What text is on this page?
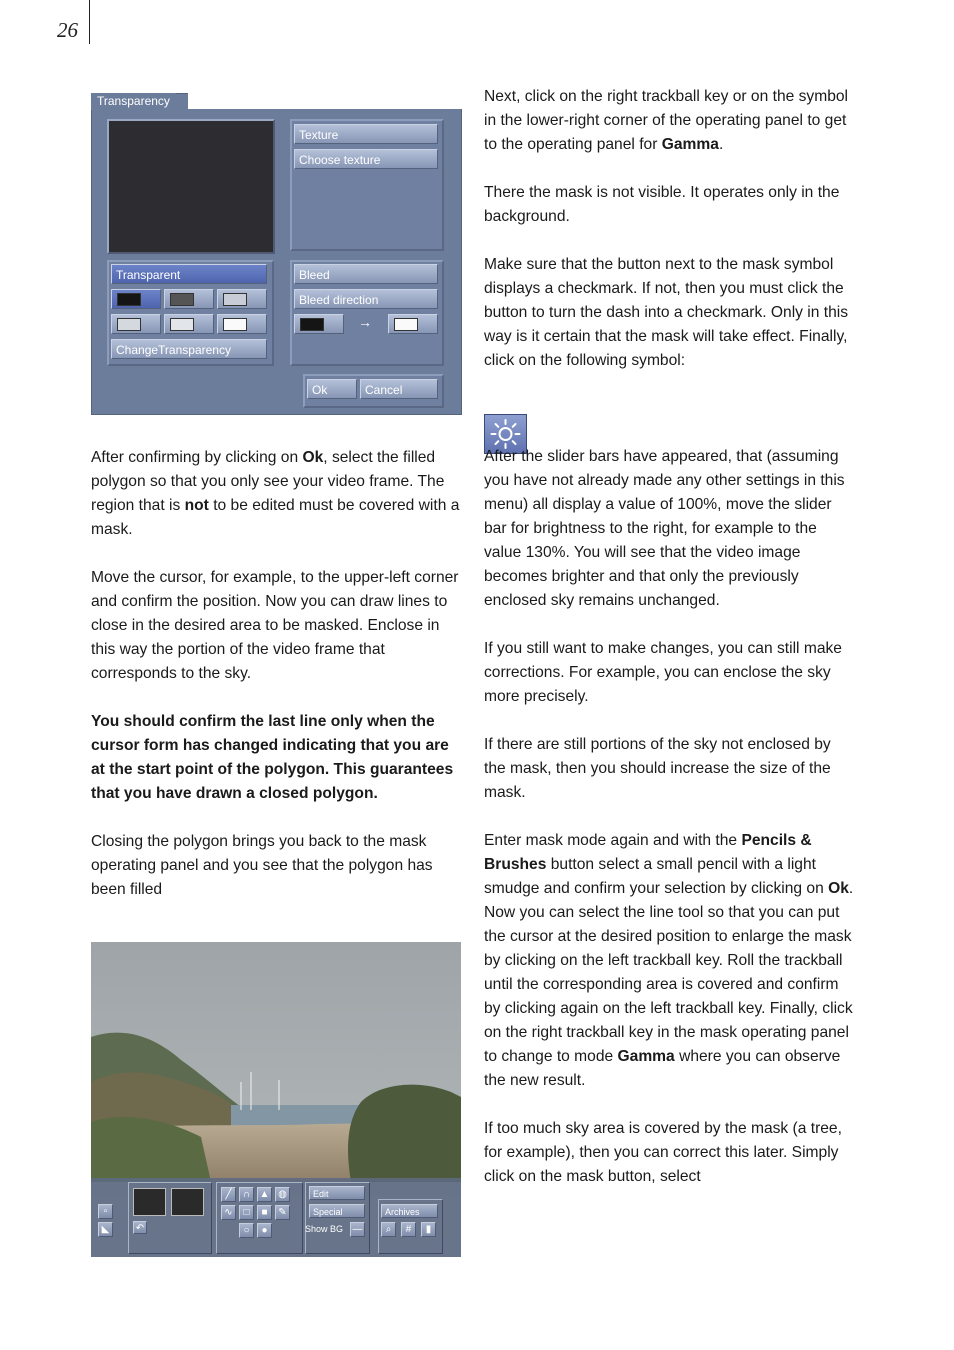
26
Transparency
Texture
Choose texture
Transparent
ChangeTransparency
Bleed
Bleed direction
→
Ok	Cancel

After confirming by clicking on Ok, select the filled polygon so that you only see your video frame. The region that is not to be edited must be covered with a mask.

Move the cursor, for example, to the upper-left corner and confirm the position. Now you can draw lines to close in the desired area to be masked. Enclose in this way the portion of the video frame that corresponds to the sky.

You should confirm the last line only when the cursor form has changed indicating that you are at the start point of the polygon. This guarantees that you have drawn a closed polygon.

Closing the polygon brings you back to the mask operating panel and you see that the polygon has been filled

Next, click on the right trackball key or on the symbol in the lower-right corner of the operating panel to get to the operating panel for Gamma.

There the mask is not visible. It operates only in the background.

Make sure that the button next to the mask symbol displays a checkmark. If not, then you must click the button to turn the dash into a checkmark. Only in this way is it certain that the mask will take effect. Finally, click on the following symbol:

After the slider bars have appeared, that (assuming you have not already made any other settings in this menu) all display a value of 100%, move the slider bar for brightness to the right, for example to the value 130%. You will see that the video image becomes brighter and that only the previously enclosed sky remains unchanged.

If you still want to make changes, you can still make corrections. For example, you can enclose the sky more precisely.

If there are still portions of the sky not enclosed by the mask, then you should increase the size of the mask.

Enter mask mode again and with the Pencils & Brushes button select a small pencil with a light smudge and confirm your selection by clicking on Ok. Now you can select the line tool so that you can put the cursor at the desired position to enlarge the mask by clicking on the left trackball key. Roll the trackball until the corresponding area is covered and confirm by clicking again on the left trackball key. Finally, click on the right trackball key in the mask operating panel to change to mode Gamma where you can observe the new result.

If too much sky area is covered by the mask (a tree, for example), then you can correct this later. Simply click on the mask button, select

▫
◣	↶
╱	∩ ▲ ◍
∿	□	■	✎
○	●
Edit
Special
Show BG —
Archives
⌕	#	▮
